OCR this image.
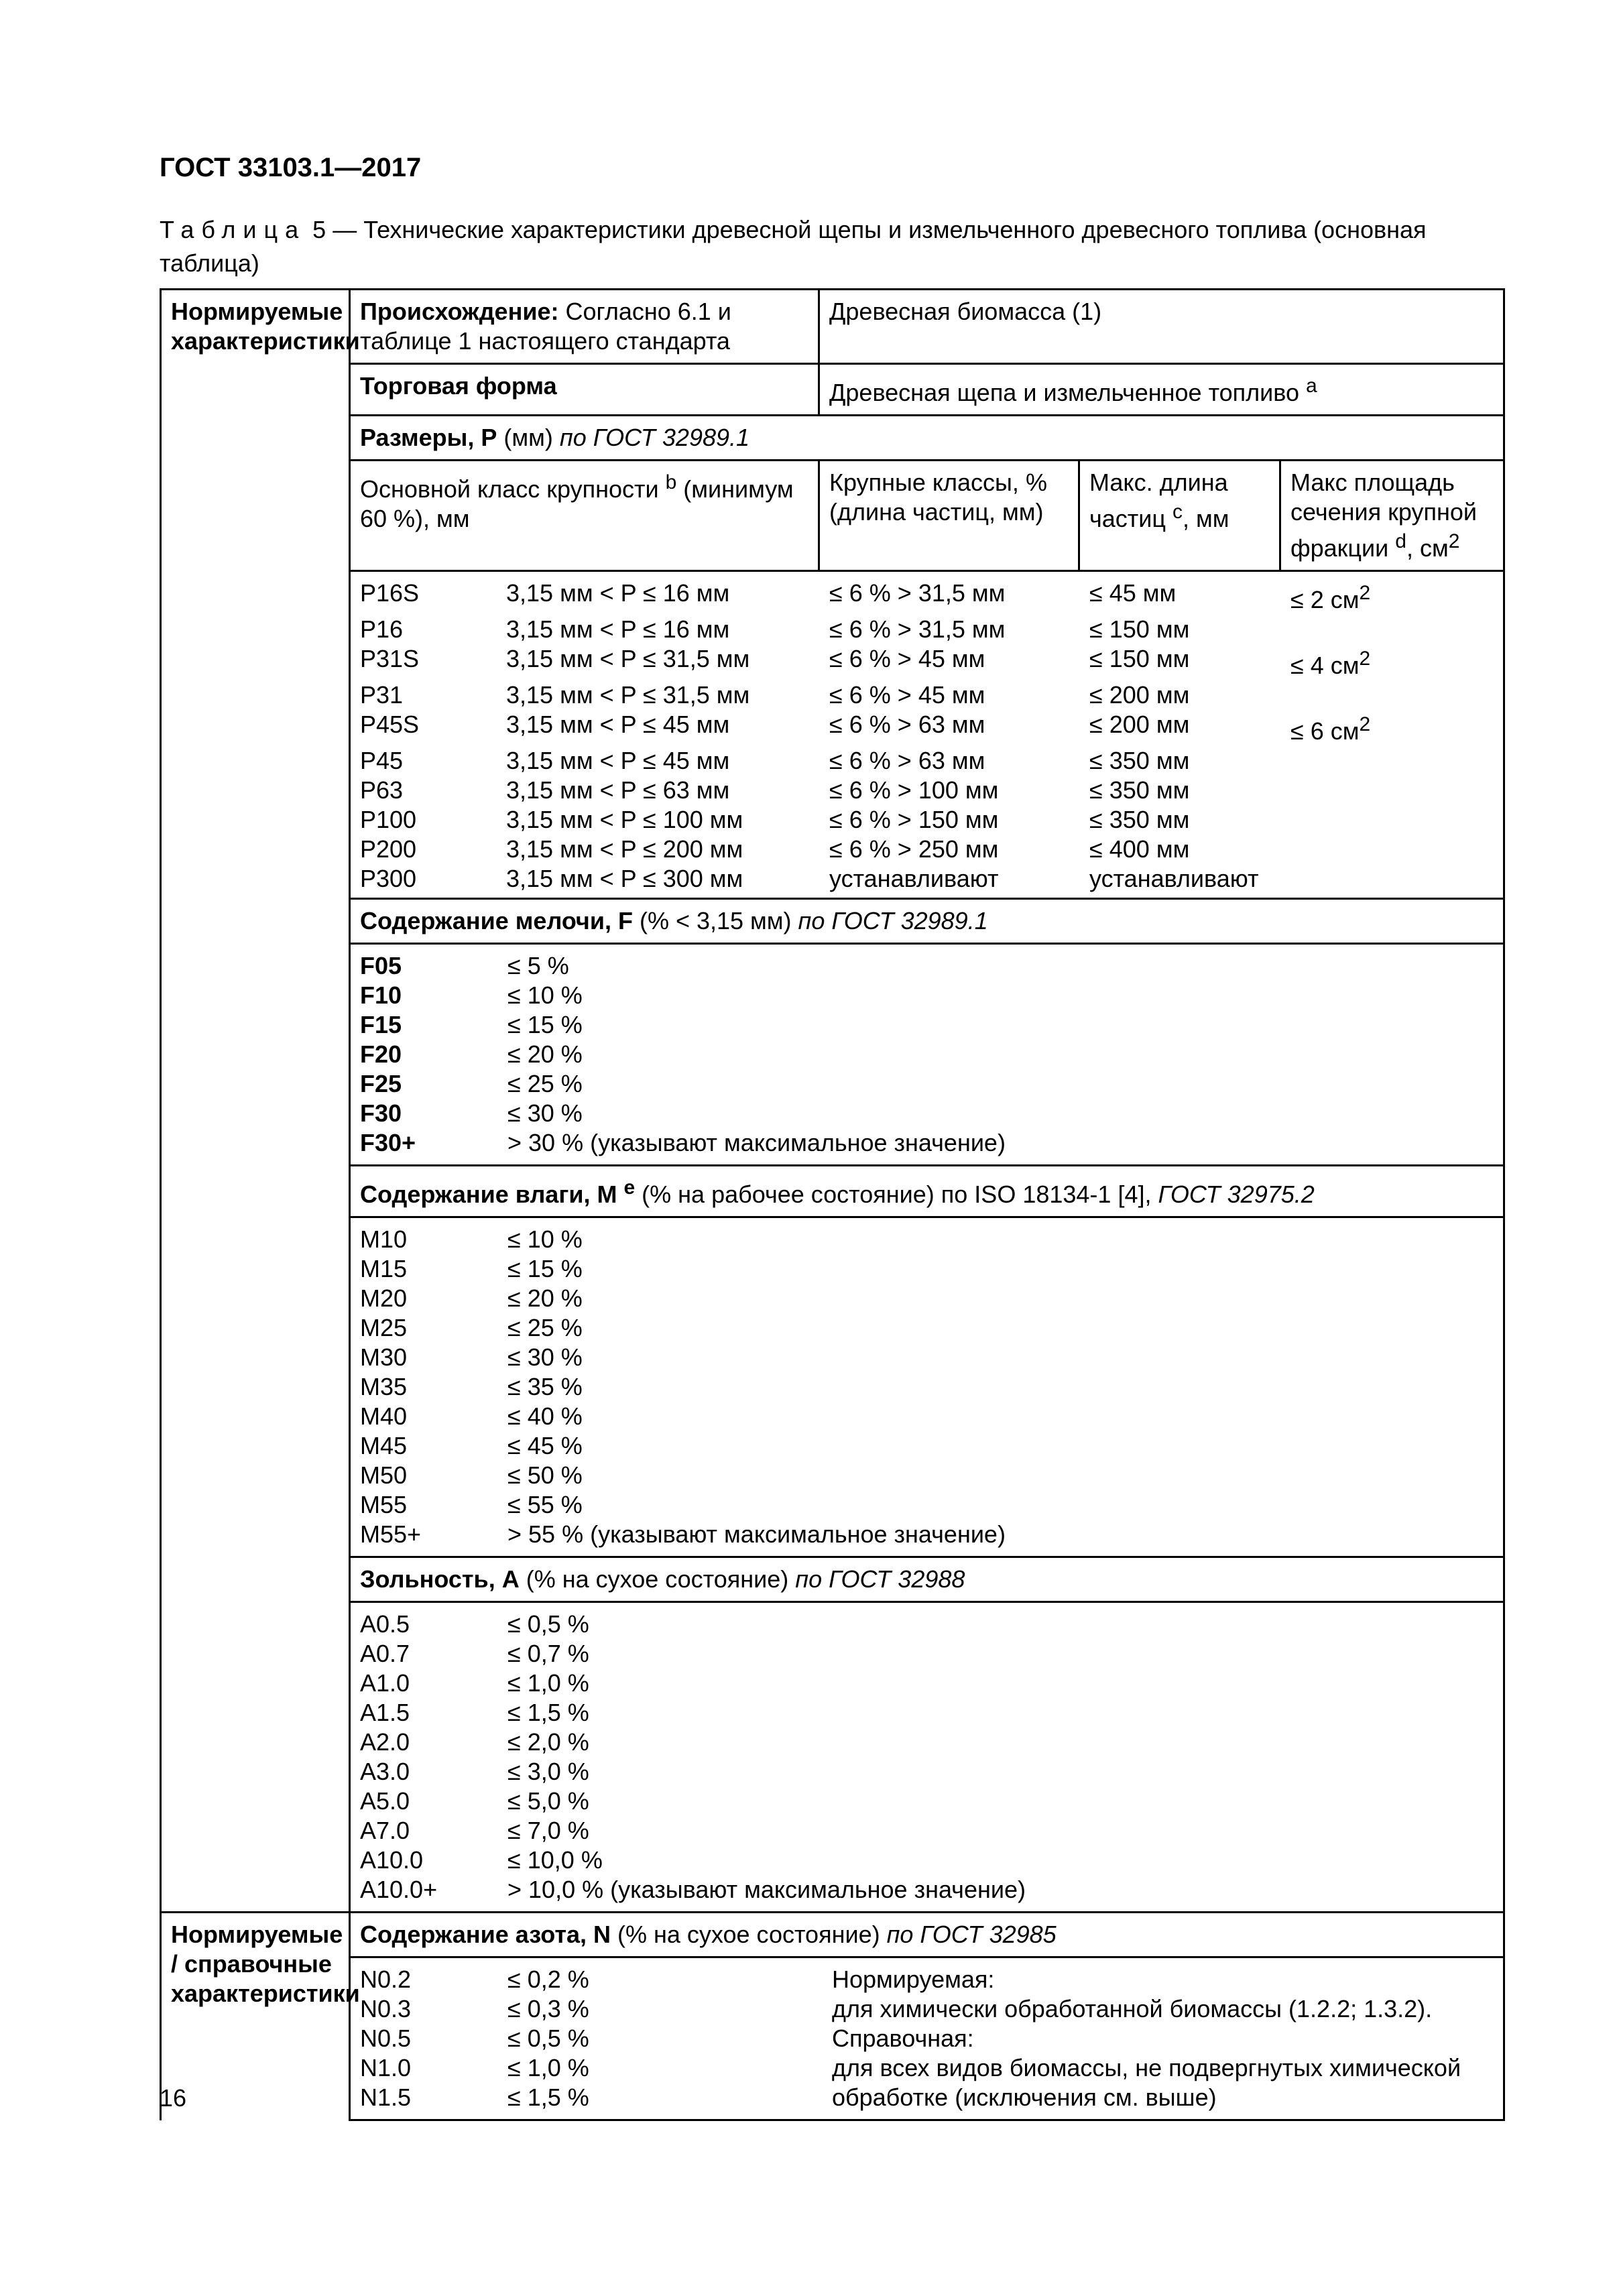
ГОСТ 33103.1—2017
Таблица 5 — Технические характеристики древесной щепы и измельченного древесного топлива (основная таблица)
Нормируемые характеристики	Происхождение: Согласно 6.1 и таблице 1 настоящего стандарта	Древесная биомасса (1)
Торговая форма	Древесная щепа и измельченное топливо $^a$
Размеры, P (мм) по ГОСТ 32989.1
Основной класс крупности $^b$ (минимум 60 %), мм	Крупные классы, % (длина частиц, мм)	Макс. длина частиц $^c$, мм	Макс площадь сечения крупной фракции $^d$, $см^2$

P16S	3,15 мм < P ≤ 16 мм	≤ 6 % > 31,5 мм	≤ 45 мм	≤ 2 $см^2$
P16	3,15 мм < P ≤ 16 мм	≤ 6 % > 31,5 мм	≤ 150 мм	
P31S	3,15 мм < P ≤ 31,5 мм	≤ 6 % > 45 мм	≤ 150 мм	≤ 4 $см^2$
P31	3,15 мм < P ≤ 31,5 мм	≤ 6 % > 45 мм	≤ 200 мм	
P45S	3,15 мм < P ≤ 45 мм	≤ 6 % > 63 мм	≤ 200 мм	≤ 6 $см^2$
P45	3,15 мм < P ≤ 45 мм	≤ 6 % > 63 мм	≤ 350 мм	
P63	3,15 мм < P ≤ 63 мм	≤ 6 % > 100 мм	≤ 350 мм	
P100	3,15 мм < P ≤ 100 мм	≤ 6 % > 150 мм	≤ 350 мм	
P200	3,15 мм < P ≤ 200 мм	≤ 6 % > 250 мм	≤ 400 мм	
P300	3,15 мм < P ≤ 300 мм	устанавливают	устанавливают	

Содержание мелочи, F (% < 3,15 мм) по ГОСТ 32989.1

F05	≤ 5 %
F10	≤ 10 %
F15	≤ 15 %
F20	≤ 20 %
F25	≤ 25 %
F30	≤ 30 %
F30+	> 30 % (указывают максимальное значение)

Содержание влаги, M $^e$ (% на рабочее состояние) по ISO 18134-1 [4], ГОСТ 32975.2

M10	≤ 10 %
M15	≤ 15 %
M20	≤ 20 %
M25	≤ 25 %
M30	≤ 30 %
M35	≤ 35 %
M40	≤ 40 %
M45	≤ 45 %
M50	≤ 50 %
M55	≤ 55 %
M55+	> 55 % (указывают максимальное значение)

Зольность, А (% на сухое состояние) по ГОСТ 32988

A0.5	≤ 0,5 %
A0.7	≤ 0,7 %
A1.0	≤ 1,0 %
A1.5	≤ 1,5 %
A2.0	≤ 2,0 %
A3.0	≤ 3,0 %
A5.0	≤ 5,0 %
A7.0	≤ 7,0 %
A10.0	≤ 10,0 %
A10.0+	> 10,0 % (указывают максимальное значение)

Нормируемые / справочные характеристики	Содержание азота, N (% на сухое состояние) по ГОСТ 32985

N0.2	≤ 0,2 %	Нормируемая:
N0.3	≤ 0,3 %	для химически обработанной биомассы (1.2.2; 1.3.2).
N0.5	≤ 0,5 %	Справочная:
N1.0	≤ 1,0 %	для всех видов биомассы, не подвергнутых химической
N1.5	≤ 1,5 %	обработке (исключения см. выше)
16
